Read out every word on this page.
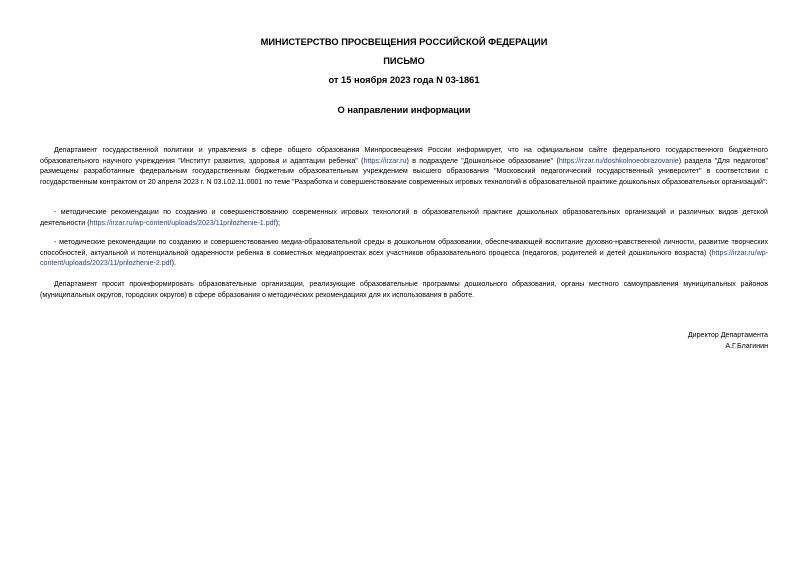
МИНИСТЕРСТВО ПРОСВЕЩЕНИЯ РОССИЙСКОЙ ФЕДЕРАЦИИ

ПИСЬМО

от 15 ноября 2023 года N 03-1861

О направлении информации

Департамент государственной политики и управления в сфере общего образования Минпросвещения России информирует, что на официальном сайте федерального государственного бюджетного образовательного научного учреждения "Институт развития, здоровья и адаптации ребенка" (https://irzar.ru) в подразделе "Дошкольное образование" (https://irzar.ru/doshkolnoeobrazovanie) раздела "Для педагогов" размещены разработанные федеральным государственным бюджетным образовательным учреждением высшего образования "Московский педагогический государственный университет" в соответствии с государственным контрактом от 20 апреля 2023 г. N 03.L02.11.0001 по теме "Разработка и совершенствование современных игровых технологий в образовательной практике дошкольных образовательных организаций":

- методические рекомендации по созданию и совершенствованию современных игровых технологий в образовательной практике дошкольных образовательных организаций и различных видов детской деятельности (https://irzar.ru/wp-content/uploads/2023/11prilozhenie-1.pdf);

- методические рекомендации по созданию и совершенствованию медиа-образовательной среды в дошкольном образовании, обеспечивающей воспитание духовно-нравственной личности, развитие творческих способностей, актуальной и потенциальной одаренности ребенка в совместных медиапроектах всех участников образовательного процесса (педагогов, родителей и детей дошкольного возраста) (https://irzar.ru/wp-content/uploads/2023/11/prilozhenie-2.pdf).

Департамент просит проинформировать образовательные организации, реализующие образовательные программы дошкольного образования, органы местного самоуправления муниципальных районов (муниципальных округов, городских округов) в сфере образования о методических рекомендациях для их использования в работе.

Директор Департамента

А.Г.Благинин
